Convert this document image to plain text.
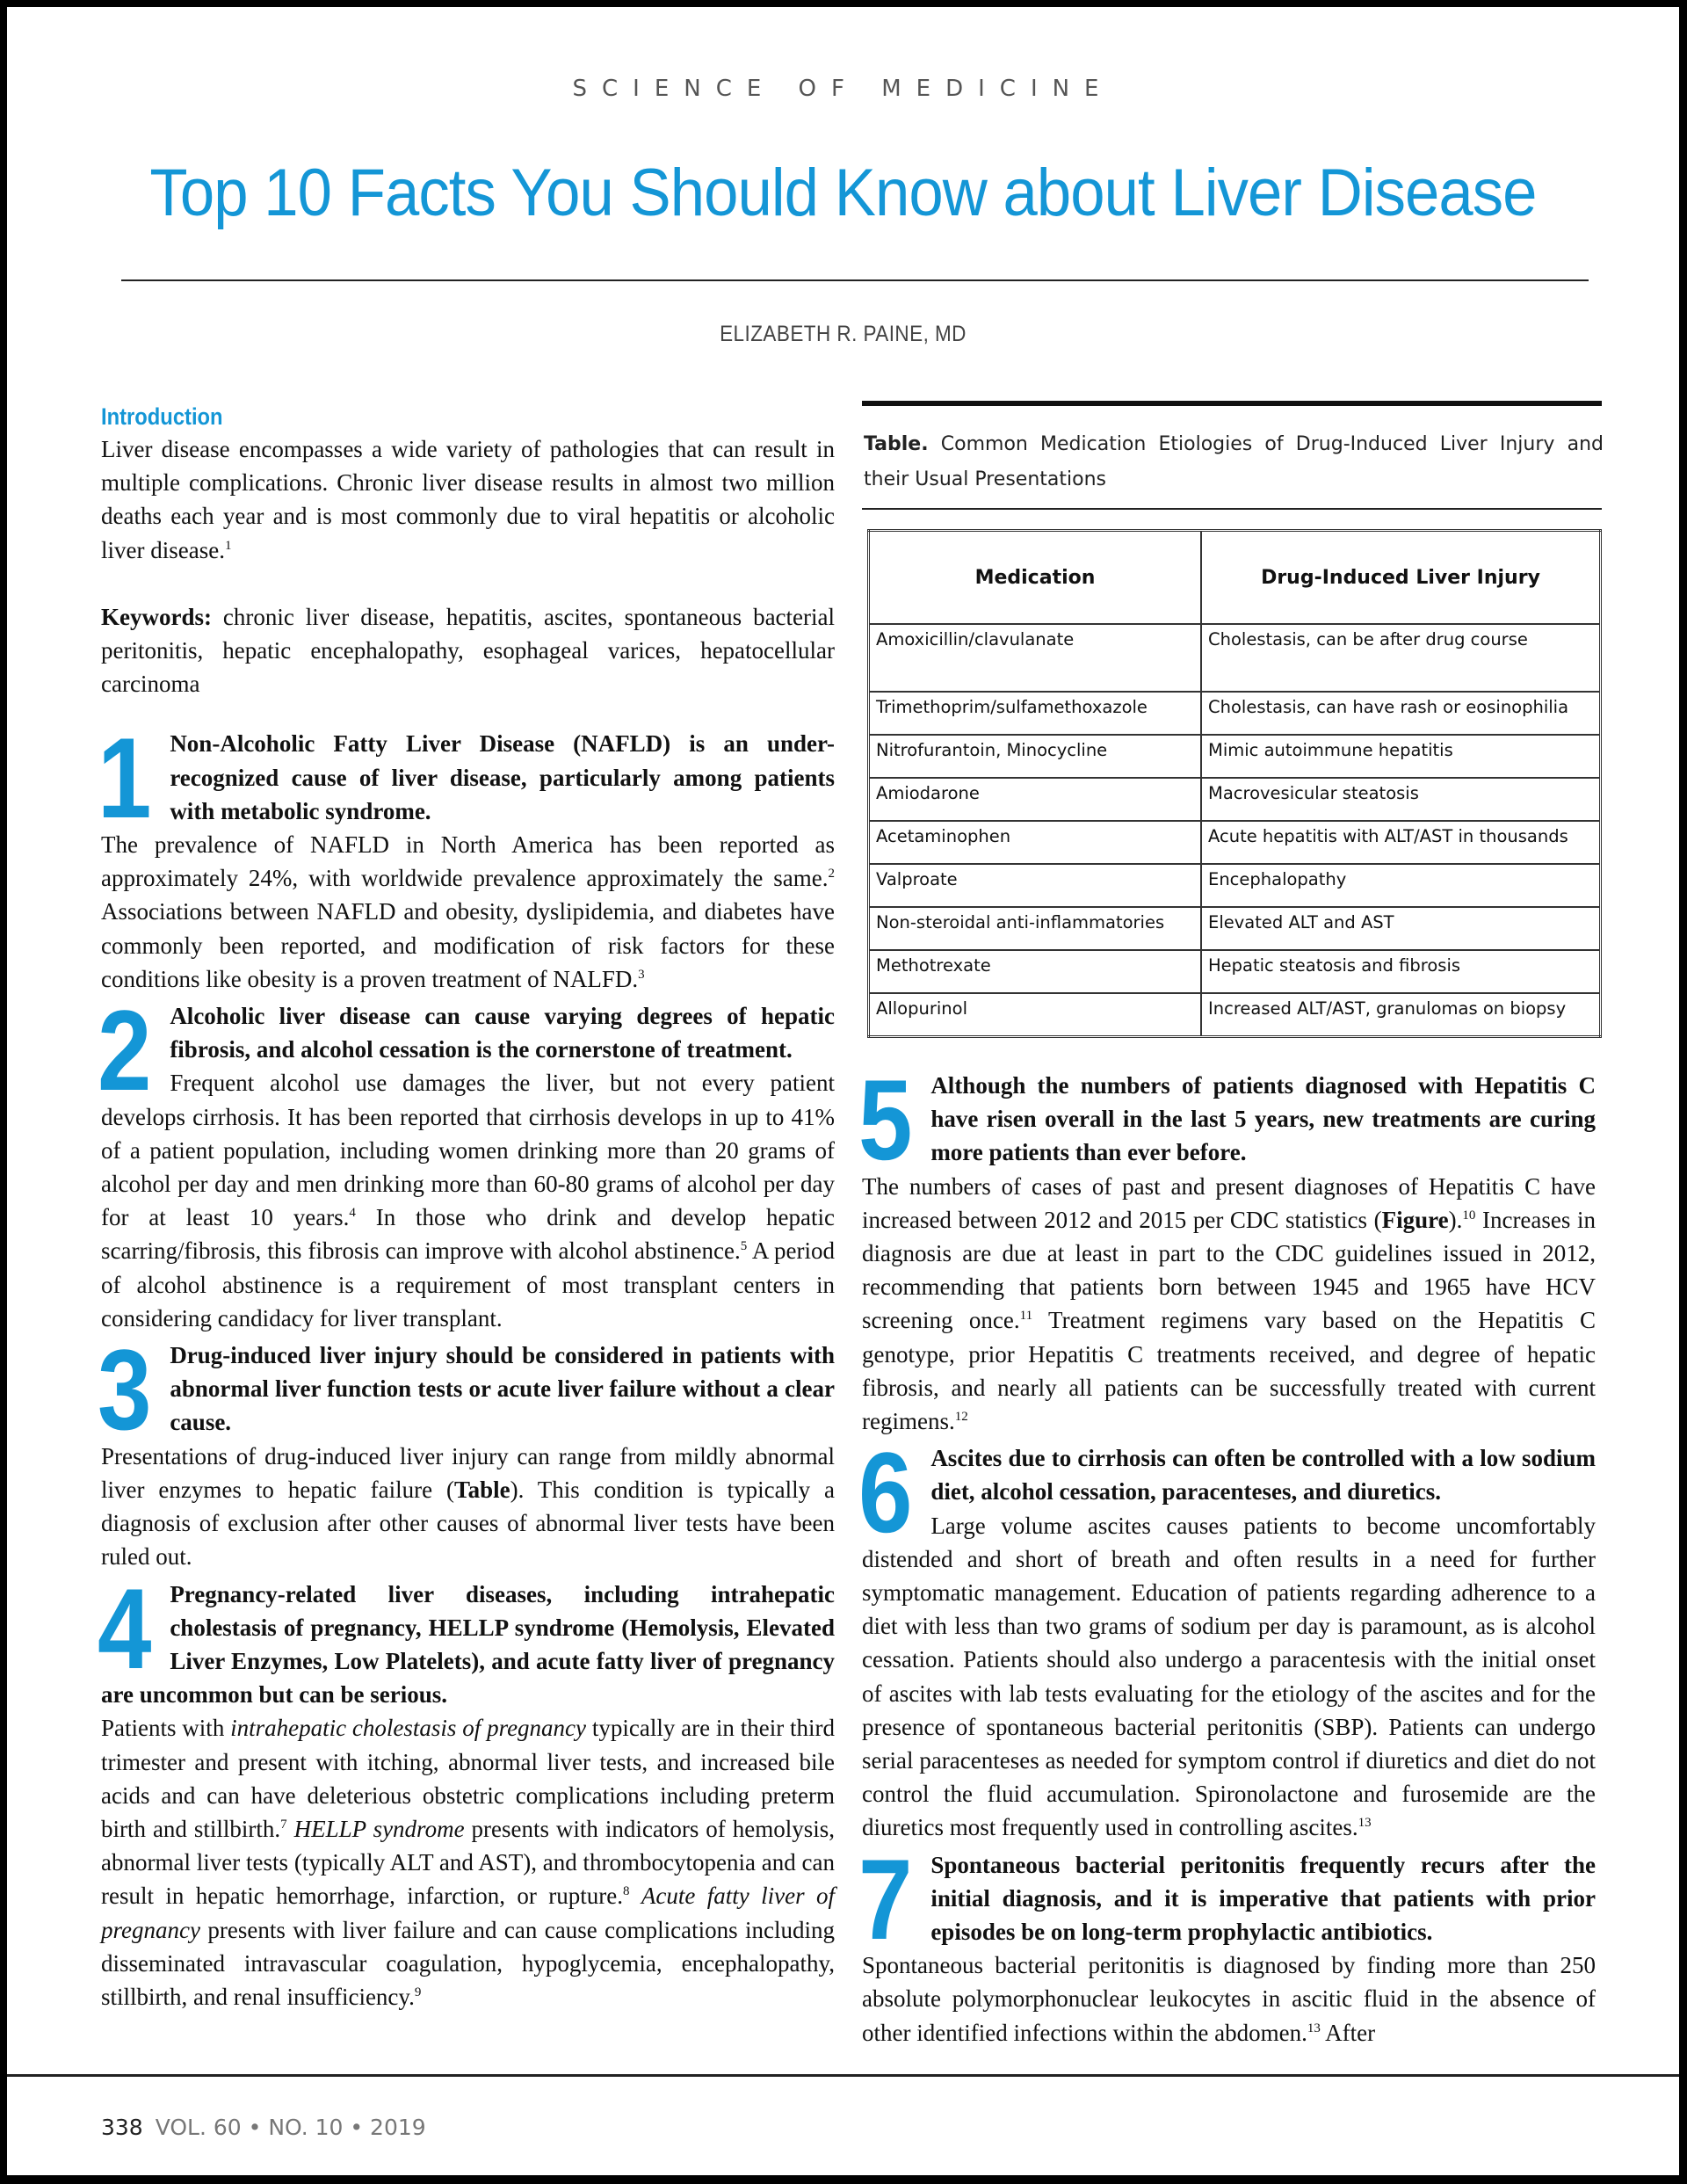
SCIENCE OF MEDICINE
Top 10 Facts You Should Know about Liver Disease
ELIZABETH R. PAINE, MD
Introduction

Liver disease encompasses a wide variety of pathologies that can result in multiple complications. Chronic liver disease results in almost two million deaths each year and is most commonly due to viral hepatitis or alcoholic liver disease.$^1$

Keywords: chronic liver disease, hepatitis, ascites, spontaneous bacterial peritonitis, hepatic encephalopathy, esophageal varices, hepatocellular carcinoma

1 Non-Alcoholic Fatty Liver Disease (NAFLD) is an under-recognized cause of liver disease, particularly among patients with metabolic syndrome.

The prevalence of NAFLD in North America has been reported as approximately 24%, with worldwide prevalence approximately the same.$^2$ Associations between NAFLD and obesity, dyslipidemia, and diabetes have commonly been reported, and modification of risk factors for these conditions like obesity is a proven treatment of NALFD.$^3$

2 Alcoholic liver disease can cause varying degrees of hepatic fibrosis, and alcohol cessation is the cornerstone of treatment.

Frequent alcohol use damages the liver, but not every patient develops cirrhosis. It has been reported that cirrhosis develops in up to 41% of a patient population, including women drinking more than 20 grams of alcohol per day and men drinking more than 60-80 grams of alcohol per day for at least 10 years.$^4$ In those who drink and develop hepatic scarring/fibrosis, this fibrosis can improve with alcohol abstinence.$^5$ A period of alcohol abstinence is a requirement of most transplant centers in considering candidacy for liver transplant.

3 Drug-induced liver injury should be considered in patients with abnormal liver function tests or acute liver failure without a clear cause.

Presentations of drug-induced liver injury can range from mildly abnormal liver enzymes to hepatic failure (Table). This condition is typically a diagnosis of exclusion after other causes of abnormal liver tests have been ruled out.

4 Pregnancy-related liver diseases, including intrahepatic cholestasis of pregnancy, HELLP syndrome (Hemolysis, Elevated Liver Enzymes, Low Platelets), and acute fatty liver of pregnancy are uncommon but can be serious.

Patients with intrahepatic cholestasis of pregnancy typically are in their third trimester and present with itching, abnormal liver tests, and increased bile acids and can have deleterious obstetric complications including preterm birth and stillbirth.$^7$ HELLP syndrome presents with indicators of hemolysis, abnormal liver tests (typically ALT and AST), and thrombocytopenia and can result in hepatic hemorrhage, infarction, or rupture.$^8$ Acute fatty liver of pregnancy presents with liver failure and can cause complications including disseminated intravascular coagulation, hypoglycemia, encephalopathy, stillbirth, and renal insufficiency.$^9$

Table. Common Medication Etiologies of Drug-Induced Liver Injury and their Usual Presentations
Medication	Drug-Induced Liver Injury
Amoxicillin/clavulanate	Cholestasis, can be after drug course
Trimethoprim/sulfamethoxazole	Cholestasis, can have rash or eosinophilia
Nitrofurantoin, Minocycline	Mimic autoimmune hepatitis
Amiodarone	Macrovesicular steatosis
Acetaminophen	Acute hepatitis with ALT/AST in thousands
Valproate	Encephalopathy
Non-steroidal anti-inflammatories	Elevated ALT and AST
Methotrexate	Hepatic steatosis and fibrosis
Allopurinol	Increased ALT/AST, granulomas on biopsy
5 Although the numbers of patients diagnosed with Hepatitis C have risen overall in the last 5 years, new treatments are curing more patients than ever before.

The numbers of cases of past and present diagnoses of Hepatitis C have increased between 2012 and 2015 per CDC statistics (Figure).$^{10}$ Increases in diagnosis are due at least in part to the CDC guidelines issued in 2012, recommending that patients born between 1945 and 1965 have HCV screening once.$^{11}$ Treatment regimens vary based on the Hepatitis C genotype, prior Hepatitis C treatments received, and degree of hepatic fibrosis, and nearly all patients can be successfully treated with current regimens.$^{12}$

6 Ascites due to cirrhosis can often be controlled with a low sodium diet, alcohol cessation, paracenteses, and diuretics.

Large volume ascites causes patients to become uncomfortably distended and short of breath and often results in a need for further symptomatic management. Education of patients regarding adherence to a diet with less than two grams of sodium per day is paramount, as is alcohol cessation. Patients should also undergo a paracentesis with the initial onset of ascites with lab tests evaluating for the etiology of the ascites and for the presence of spontaneous bacterial peritonitis (SBP). Patients can undergo serial paracenteses as needed for symptom control if diuretics and diet do not control the fluid accumulation. Spironolactone and furosemide are the diuretics most frequently used in controlling ascites.$^{13}$

7 Spontaneous bacterial peritonitis frequently recurs after the initial diagnosis, and it is imperative that patients with prior episodes be on long-term prophylactic antibiotics.

Spontaneous bacterial peritonitis is diagnosed by finding more than 250 absolute polymorphonuclear leukocytes in ascitic fluid in the absence of other identified infections within the abdomen.$^{13}$ After

338 VOL. 60 • NO. 10 • 2019
